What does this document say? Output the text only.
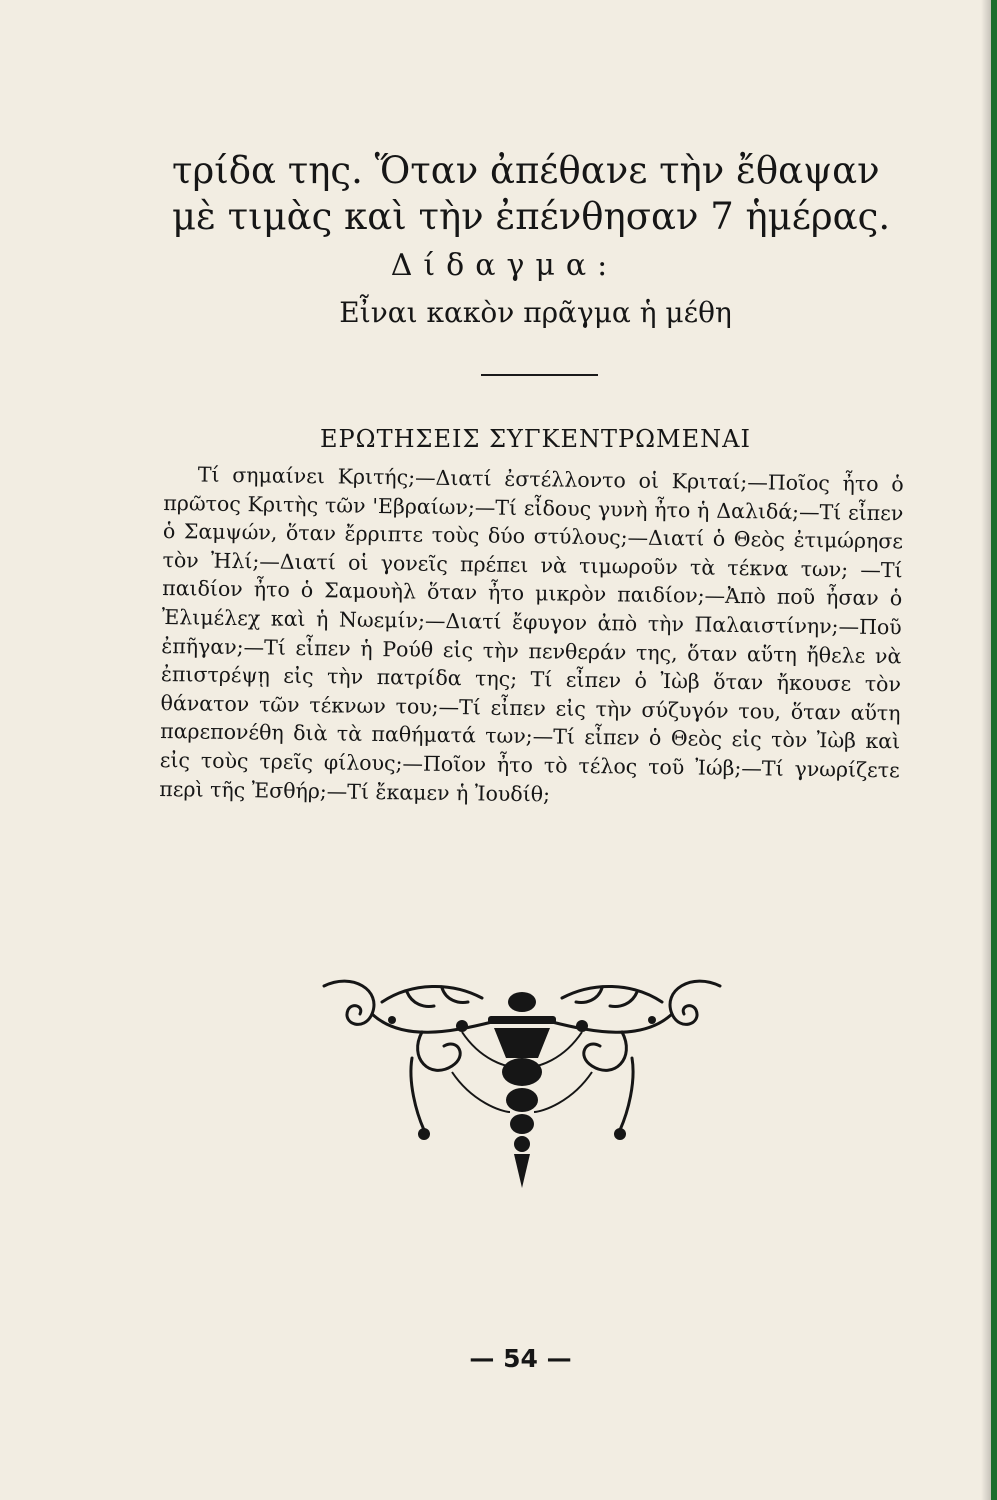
τρίδα της. Ὅταν ἀπέθανε τὴν ἔθαψαν μὲ τιμὰς καὶ τὴν ἐπένθησαν 7 ἡμέρας.
Δίδαγμα:
Εἶναι κακὸν πρᾶγμα ἡ μέθη
ΕΡΩΤΗΣΕΙΣ ΣΥΓΚΕΝΤΡΩΜΕΝΑΙ

Τί σημαίνει Κριτής;—Διατί ἐστέλλοντο οἱ Κριταί;—Ποῖος ἦτο ὁ πρῶτος Κριτὴς τῶν 'Εβραίων;—Τί εἶδους γυνὴ ἦτο ἡ Δαλιδά;—Τί εἶπεν ὁ Σαμψών, ὅταν ἔρριπτε τοὺς δύο στύλους;—Διατί ὁ Θεὸς ἐτιμώρησε τὸν Ἠλί;—Διατί οἱ γονεῖς πρέπει νὰ τιμωροῦν τὰ τέκνα των; —Τί παιδίον ἦτο ὁ Σαμουὴλ ὅταν ἦτο μικρὸν παιδίον;—Ἀπὸ ποῦ ἦσαν ὁ Ἐλιμέλεχ καὶ ἡ Νωεμίν;—Διατί ἔφυγον ἀπὸ τὴν Παλαιστίνην;—Ποῦ ἐπῆγαν;—Τί εἶπεν ἡ Ρούθ εἰς τὴν πενθεράν της, ὅταν αὕτη ἤθελε νὰ ἐπιστρέψῃ εἰς τὴν πατρίδα της; Τί εἶπεν ὁ Ἰὼβ ὅταν ἤκουσε τὸν θάνατον τῶν τέκνων του;—Τί εἶπεν εἰς τὴν σύζυγόν του, ὅταν αὕτη παρεπονέθη διὰ τὰ παθήματά των;—Τί εἶπεν ὁ Θεὸς εἰς τὸν Ἰὼβ καὶ εἰς τοὺς τρεῖς φίλους;—Ποῖον ἦτο τὸ τέλος τοῦ Ἰώβ;—Τί γνωρίζετε περὶ τῆς Ἐσθήρ;—Τί ἔκαμεν ἡ Ἰουδίθ;

— 54 —
